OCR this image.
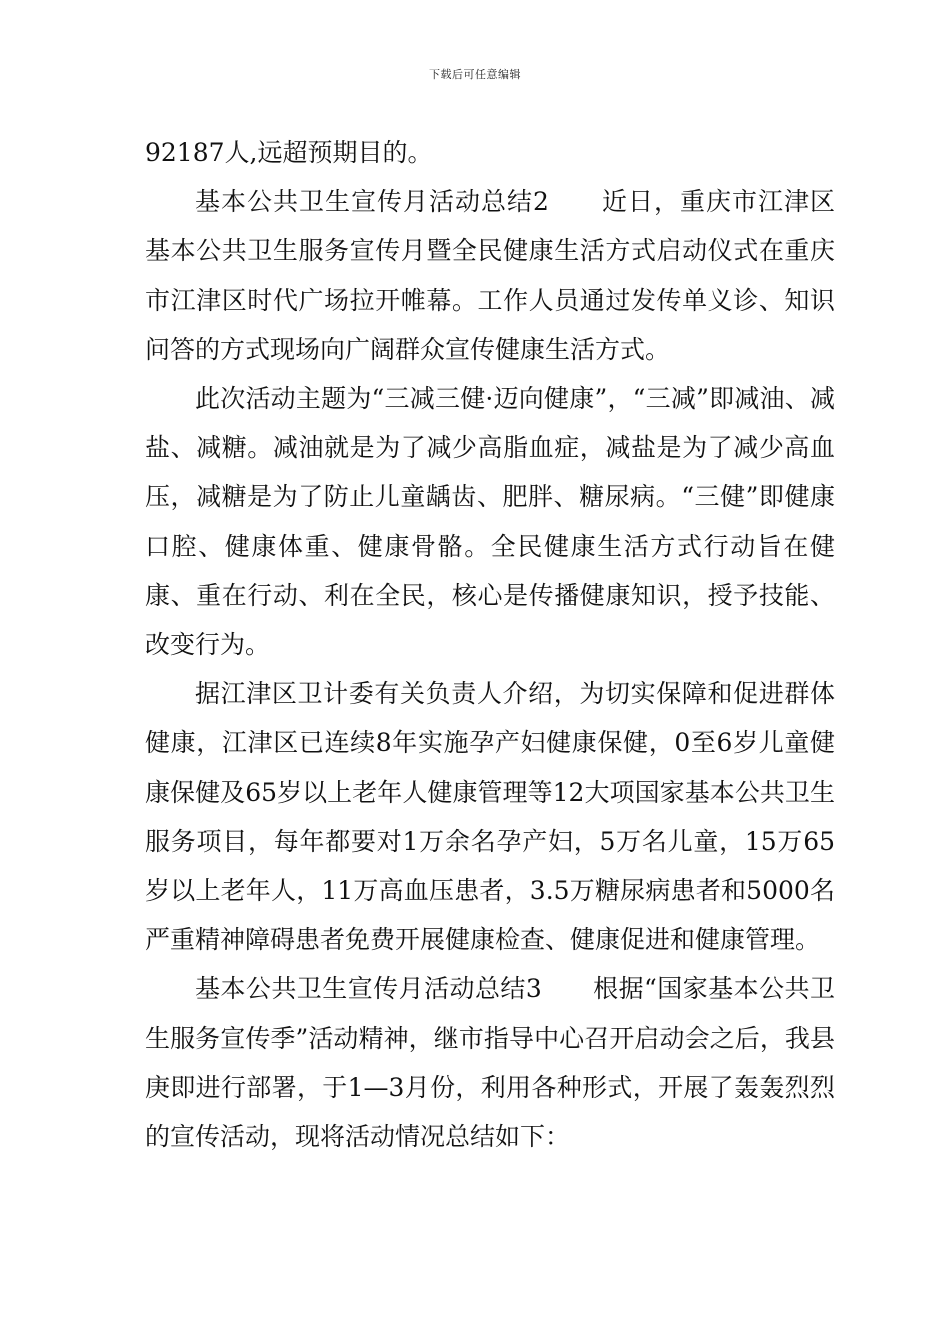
下载后可任意编辑

92187人,远超预期目的。

基本公共卫生宣传月活动总结2　　近日，重庆市江津区基本公共卫生服务宣传月暨全民健康生活方式启动仪式在重庆市江津区时代广场拉开帷幕。工作人员通过发传单义诊、知识问答的方式现场向广阔群众宣传健康生活方式。

此次活动主题为“三减三健·迈向健康”，“三减”即减油、减盐、减糖。减油就是为了减少高脂血症，减盐是为了减少高血压，减糖是为了防止儿童龋齿、肥胖、糖尿病。“三健”即健康口腔、健康体重、健康骨骼。全民健康生活方式行动旨在健康、重在行动、利在全民，核心是传播健康知识，授予技能、改变行为。

据江津区卫计委有关负责人介绍，为切实保障和促进群体健康，江津区已连续8年实施孕产妇健康保健，0至6岁儿童健康保健及65岁以上老年人健康管理等12大项国家基本公共卫生服务项目，每年都要对1万余名孕产妇，5万名儿童，15万65岁以上老年人，11万高血压患者，3.5万糖尿病患者和5000名严重精神障碍患者免费开展健康检查、健康促进和健康管理。

基本公共卫生宣传月活动总结3　　根据“国家基本公共卫生服务宣传季”活动精神，继市指导中心召开启动会之后，我县庚即进行部署，于1—3月份，利用各种形式，开展了轰轰烈烈的宣传活动，现将活动情况总结如下：
